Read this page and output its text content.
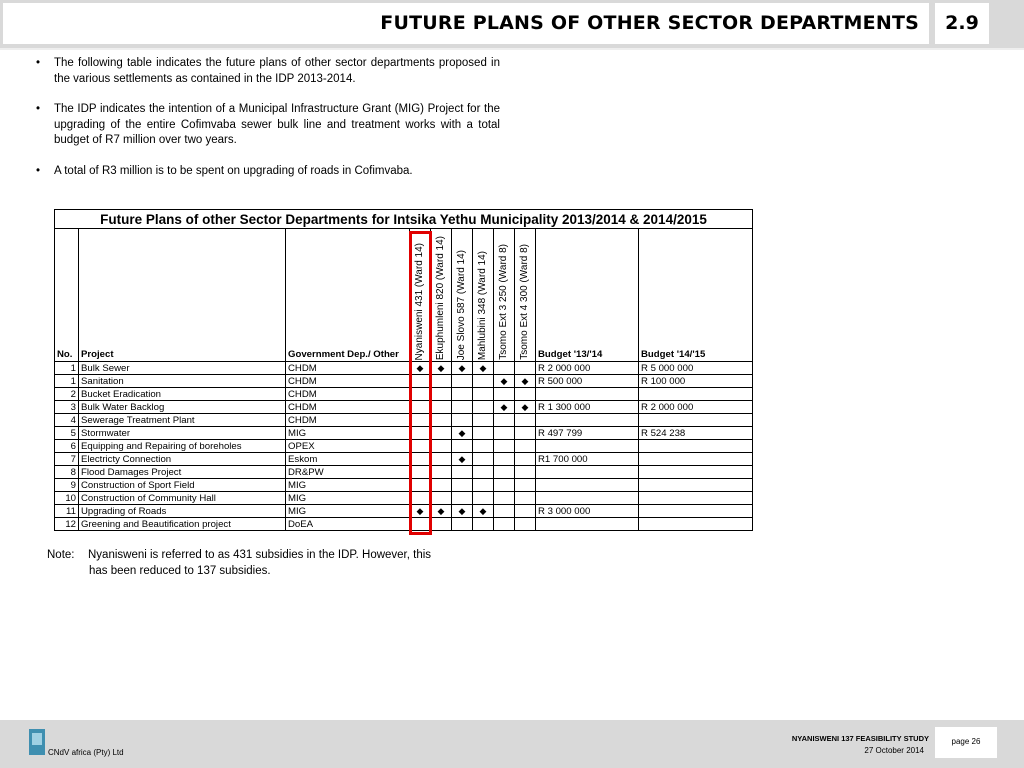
FUTURE PLANS OF OTHER SECTOR DEPARTMENTS	2.9
• The following table indicates the future plans of other sector departments proposed in the various settlements as contained in the IDP 2013-2014.
• The IDP indicates the intention of a Municipal Infrastructure Grant (MIG) Project for the upgrading of the entire Cofimvaba sewer bulk line and treatment works with a total budget of R7 million over two years.
• A total of R3 million is to be spent on upgrading of roads in Cofimvaba.
Future Plans of other Sector Departments for Intsika Yethu Municipality 2013/2014 & 2014/2015										
No.	Project	Government Dep./ Other	Nyanisweni 431 (Ward 14)	Ekuphumleni 820 (Ward 14)	Joe Slovo 587 (Ward 14)	Mahlubini 348 (Ward 14)	Tsomo Ext 3 250 (Ward 8)	Tsomo Ext 4 300 (Ward 8)	Budget '13/'14	Budget '14/'15
1	Bulk Sewer	CHDM	◆	◆	◆	◆			R 2 000 000	R 5 000 000
1	Sanitation	CHDM					◆	◆	R 500 000	R 100 000
2	Bucket Eradication	CHDM								
3	Bulk Water Backlog	CHDM					◆	◆	R 1 300 000	R 2 000 000
4	Sewerage Treatment Plant	CHDM								
5	Stormwater	MIG			◆				R 497 799	R 524 238
6	Equipping and Repairing of boreholes	OPEX								
7	Electricty Connection	Eskom			◆				R1 700 000	
8	Flood Damages Project	DR&PW								
9	Construction of Sport Field	MIG								
10	Construction of Community Hall	MIG								
11	Upgrading of Roads	MIG	◆	◆	◆	◆			R 3 000 000	
12	Greening and Beautification project	DoEA								
Note: Nyanisweni is referred to as 431 subsidies in the IDP. However, this
has been reduced to 137 subsidies.
CNdV africa (Pty) Ltd
NYANISWENI 137 FEASIBILITY STUDY
27 October 2014
page 26
